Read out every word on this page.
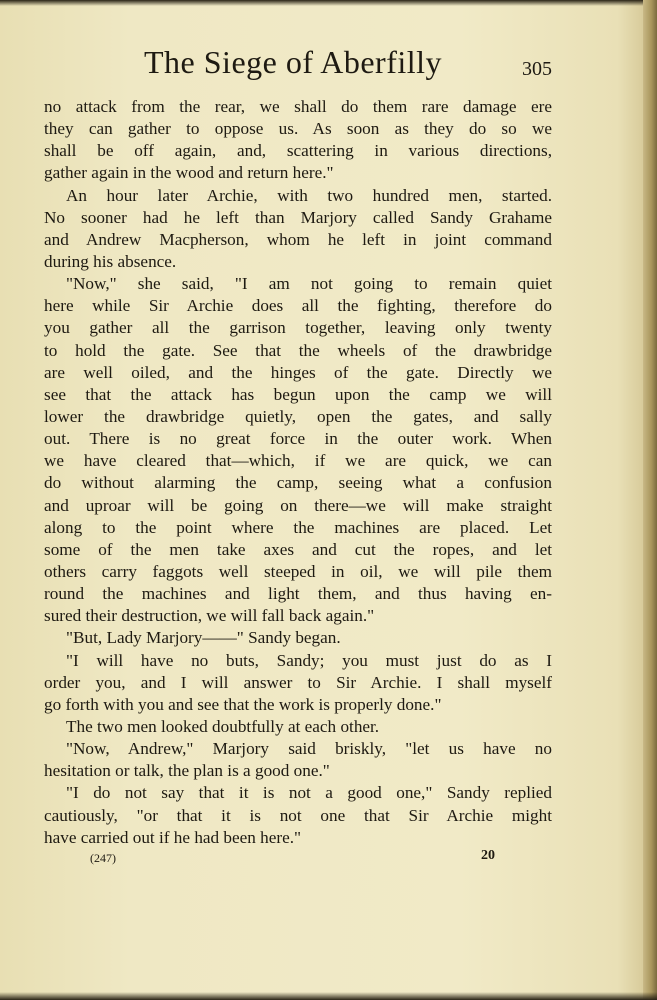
The Siege of Aberfilly	305
no attack from the rear, we shall do them rare damage ere
they can gather to oppose us. As soon as they do so we
shall be off again, and, scattering in various directions,
gather again in the wood and return here."
An hour later Archie, with two hundred men, started.
No sooner had he left than Marjory called Sandy Grahame
and Andrew Macpherson, whom he left in joint command
during his absence.
"Now," she said, "I am not going to remain quiet
here while Sir Archie does all the fighting, therefore do
you gather all the garrison together, leaving only twenty
to hold the gate. See that the wheels of the drawbridge
are well oiled, and the hinges of the gate. Directly we
see that the attack has begun upon the camp we will
lower the drawbridge quietly, open the gates, and sally
out. There is no great force in the outer work. When
we have cleared that—which, if we are quick, we can
do without alarming the camp, seeing what a confusion
and uproar will be going on there—we will make straight
along to the point where the machines are placed. Let
some of the men take axes and cut the ropes, and let
others carry faggots well steeped in oil, we will pile them
round the machines and light them, and thus having en-
sured their destruction, we will fall back again."
"But, Lady Marjory——" Sandy began.
"I will have no buts, Sandy; you must just do as I
order you, and I will answer to Sir Archie. I shall myself
go forth with you and see that the work is properly done."
The two men looked doubtfully at each other.
"Now, Andrew," Marjory said briskly, "let us have no
hesitation or talk, the plan is a good one."
"I do not say that it is not a good one," Sandy replied
cautiously, "or that it is not one that Sir Archie might
have carried out if he had been here."
(247)	20
